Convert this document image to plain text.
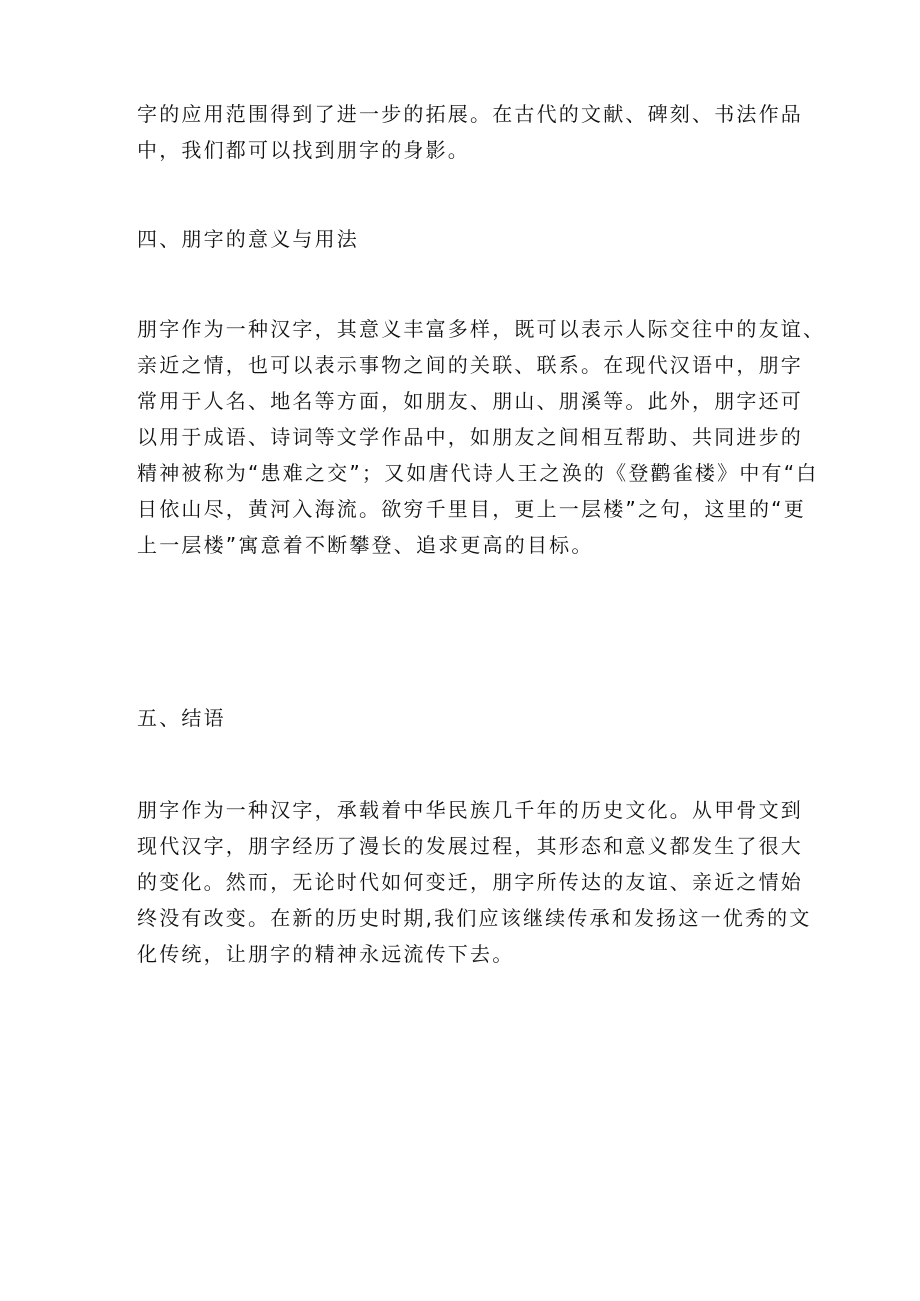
字的应用范围得到了进一步的拓展。在古代的文献、碑刻、书法作品
中，我们都可以找到朋字的身影。
四、朋字的意义与用法
朋字作为一种汉字，其意义丰富多样，既可以表示人际交往中的友谊、
亲近之情，也可以表示事物之间的关联、联系。在现代汉语中，朋字
常用于人名、地名等方面，如朋友、朋山、朋溪等。此外，朋字还可
以用于成语、诗词等文学作品中，如朋友之间相互帮助、共同进步的
精神被称为“患难之交”；又如唐代诗人王之涣的《登鹳雀楼》中有“白
日依山尽，黄河入海流。欲穷千里目，更上一层楼”之句，这里的“更
上一层楼”寓意着不断攀登、追求更高的目标。
五、结语
朋字作为一种汉字，承载着中华民族几千年的历史文化。从甲骨文到
现代汉字，朋字经历了漫长的发展过程，其形态和意义都发生了很大
的变化。然而，无论时代如何变迁，朋字所传达的友谊、亲近之情始
终没有改变。在新的历史时期,我们应该继续传承和发扬这一优秀的文
化传统，让朋字的精神永远流传下去。
